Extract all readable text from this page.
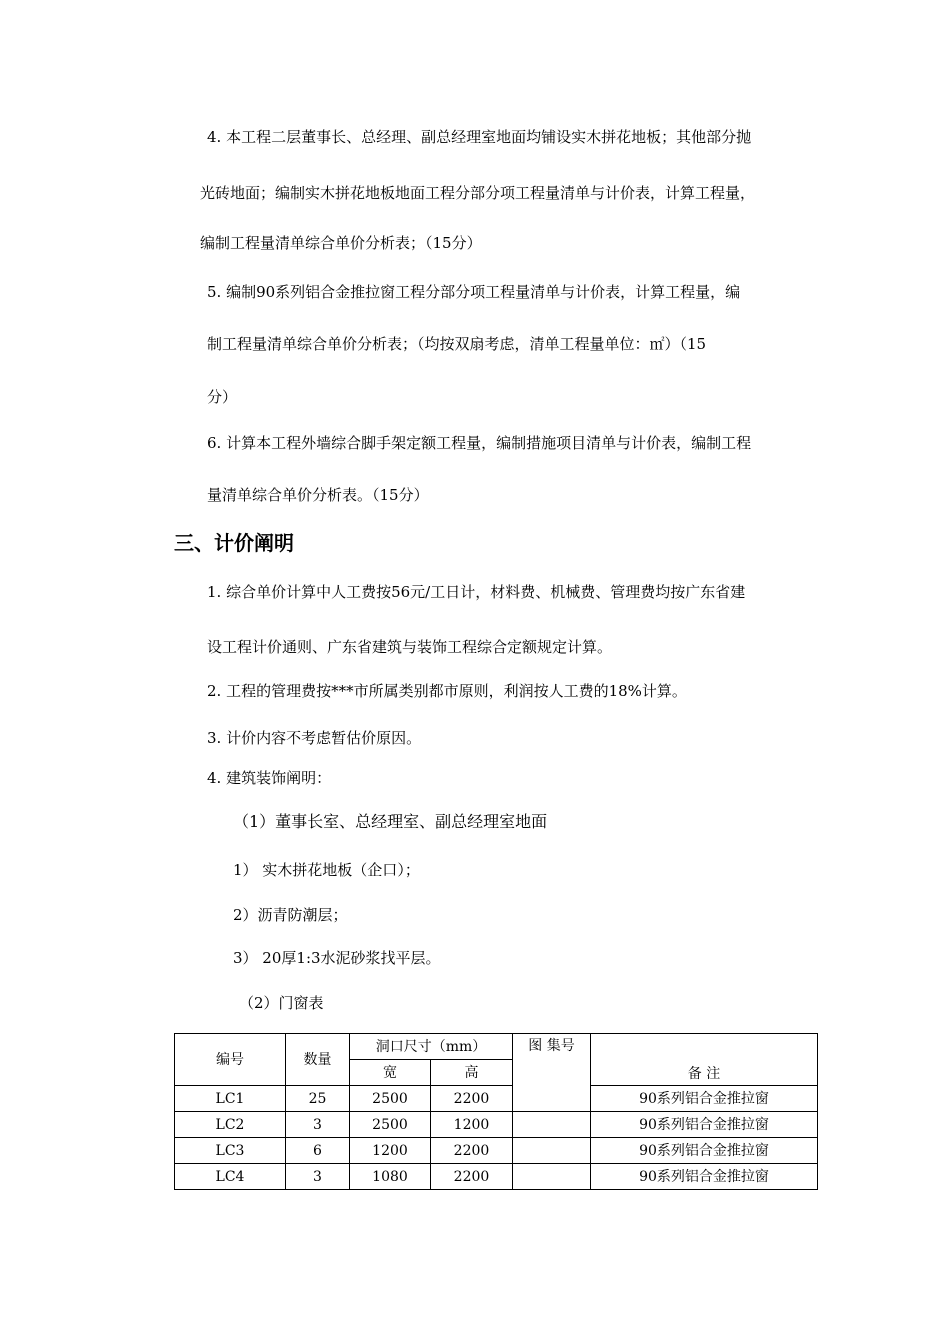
4. 本工程二层董事长、总经理、副总经理室地面均铺设实木拼花地板；其他部分抛
光砖地面；编制实木拼花地板地面工程分部分项工程量清单与计价表，计算工程量，
编制工程量清单综合单价分析表；（15分）
5. 编制90系列铝合金推拉窗工程分部分项工程量清单与计价表，计算工程量，编
制工程量清单综合单价分析表；（均按双扇考虑，清单工程量单位：㎡）（15
分）
6. 计算本工程外墙综合脚手架定额工程量，编制措施项目清单与计价表，编制工程
量清单综合单价分析表。（15分）
三、计价阐明
1. 综合单价计算中人工费按56元/工日计，材料费、机械费、管理费均按广东省建
设工程计价通则、广东省建筑与装饰工程综合定额规定计算。
2. 工程的管理费按***市所属类别都市原则，利润按人工费的18%计算。
3. 计价内容不考虑暂估价原因。
4. 建筑装饰阐明：
（1）董事长室、总经理室、副总经理室地面
1） 实木拼花地板（企口）；
2）沥青防潮层；
3） 20厚1:3水泥砂浆找平层。
（2）门窗表
编号	数量	洞口尺寸（mm）		图 集号	备 注
		宽	高		
LC1	25	2500	2200		90系列铝合金推拉窗
LC2	3	2500	1200		90系列铝合金推拉窗
LC3	6	1200	2200		90系列铝合金推拉窗
LC4	3	1080	2200		90系列铝合金推拉窗
